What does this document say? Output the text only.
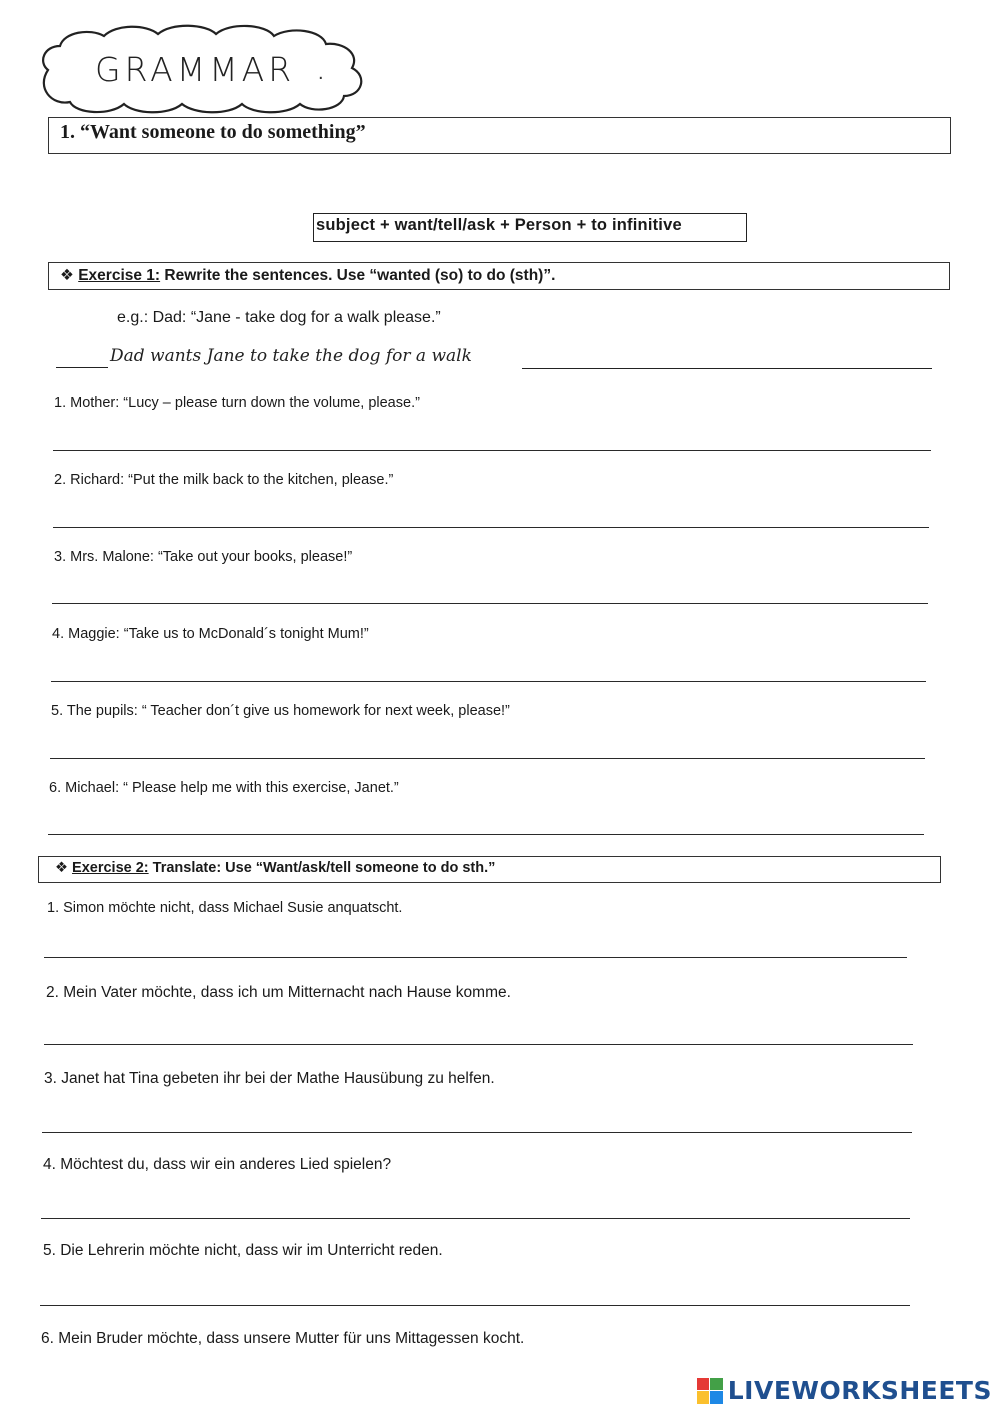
GRAMMAR .
1. “Want someone to do something”
subject + want/tell/ask + Person + to infinitive
❖ Exercise 1: Rewrite the sentences. Use “wanted (so) to do (sth)”.
e.g.: Dad: “Jane - take dog for a walk please.”
Dad wants Jane to take the dog for a walk
1. Mother: “Lucy – please turn down the volume, please.”
2. Richard: “Put the milk back to the kitchen, please.”
3. Mrs. Malone: “Take out your books, please!”
4. Maggie: “Take us to McDonald´s tonight Mum!”
5. The pupils: “ Teacher don´t give us homework for next week, please!”
6. Michael: “ Please help me with this exercise, Janet.”
❖ Exercise 2: Translate: Use “Want/ask/tell someone to do sth.”
1. Simon möchte nicht, dass Michael Susie anquatscht.
2. Mein Vater möchte, dass ich um Mitternacht nach Hause komme.
3. Janet hat Tina gebeten ihr bei der Mathe Hausübung zu helfen.
4. Möchtest du, dass wir ein anderes Lied spielen?
5. Die Lehrerin möchte nicht, dass wir im Unterricht reden.
6. Mein Bruder möchte, dass unsere Mutter für uns Mittagessen kocht.
LIVEWORKSHEETS
